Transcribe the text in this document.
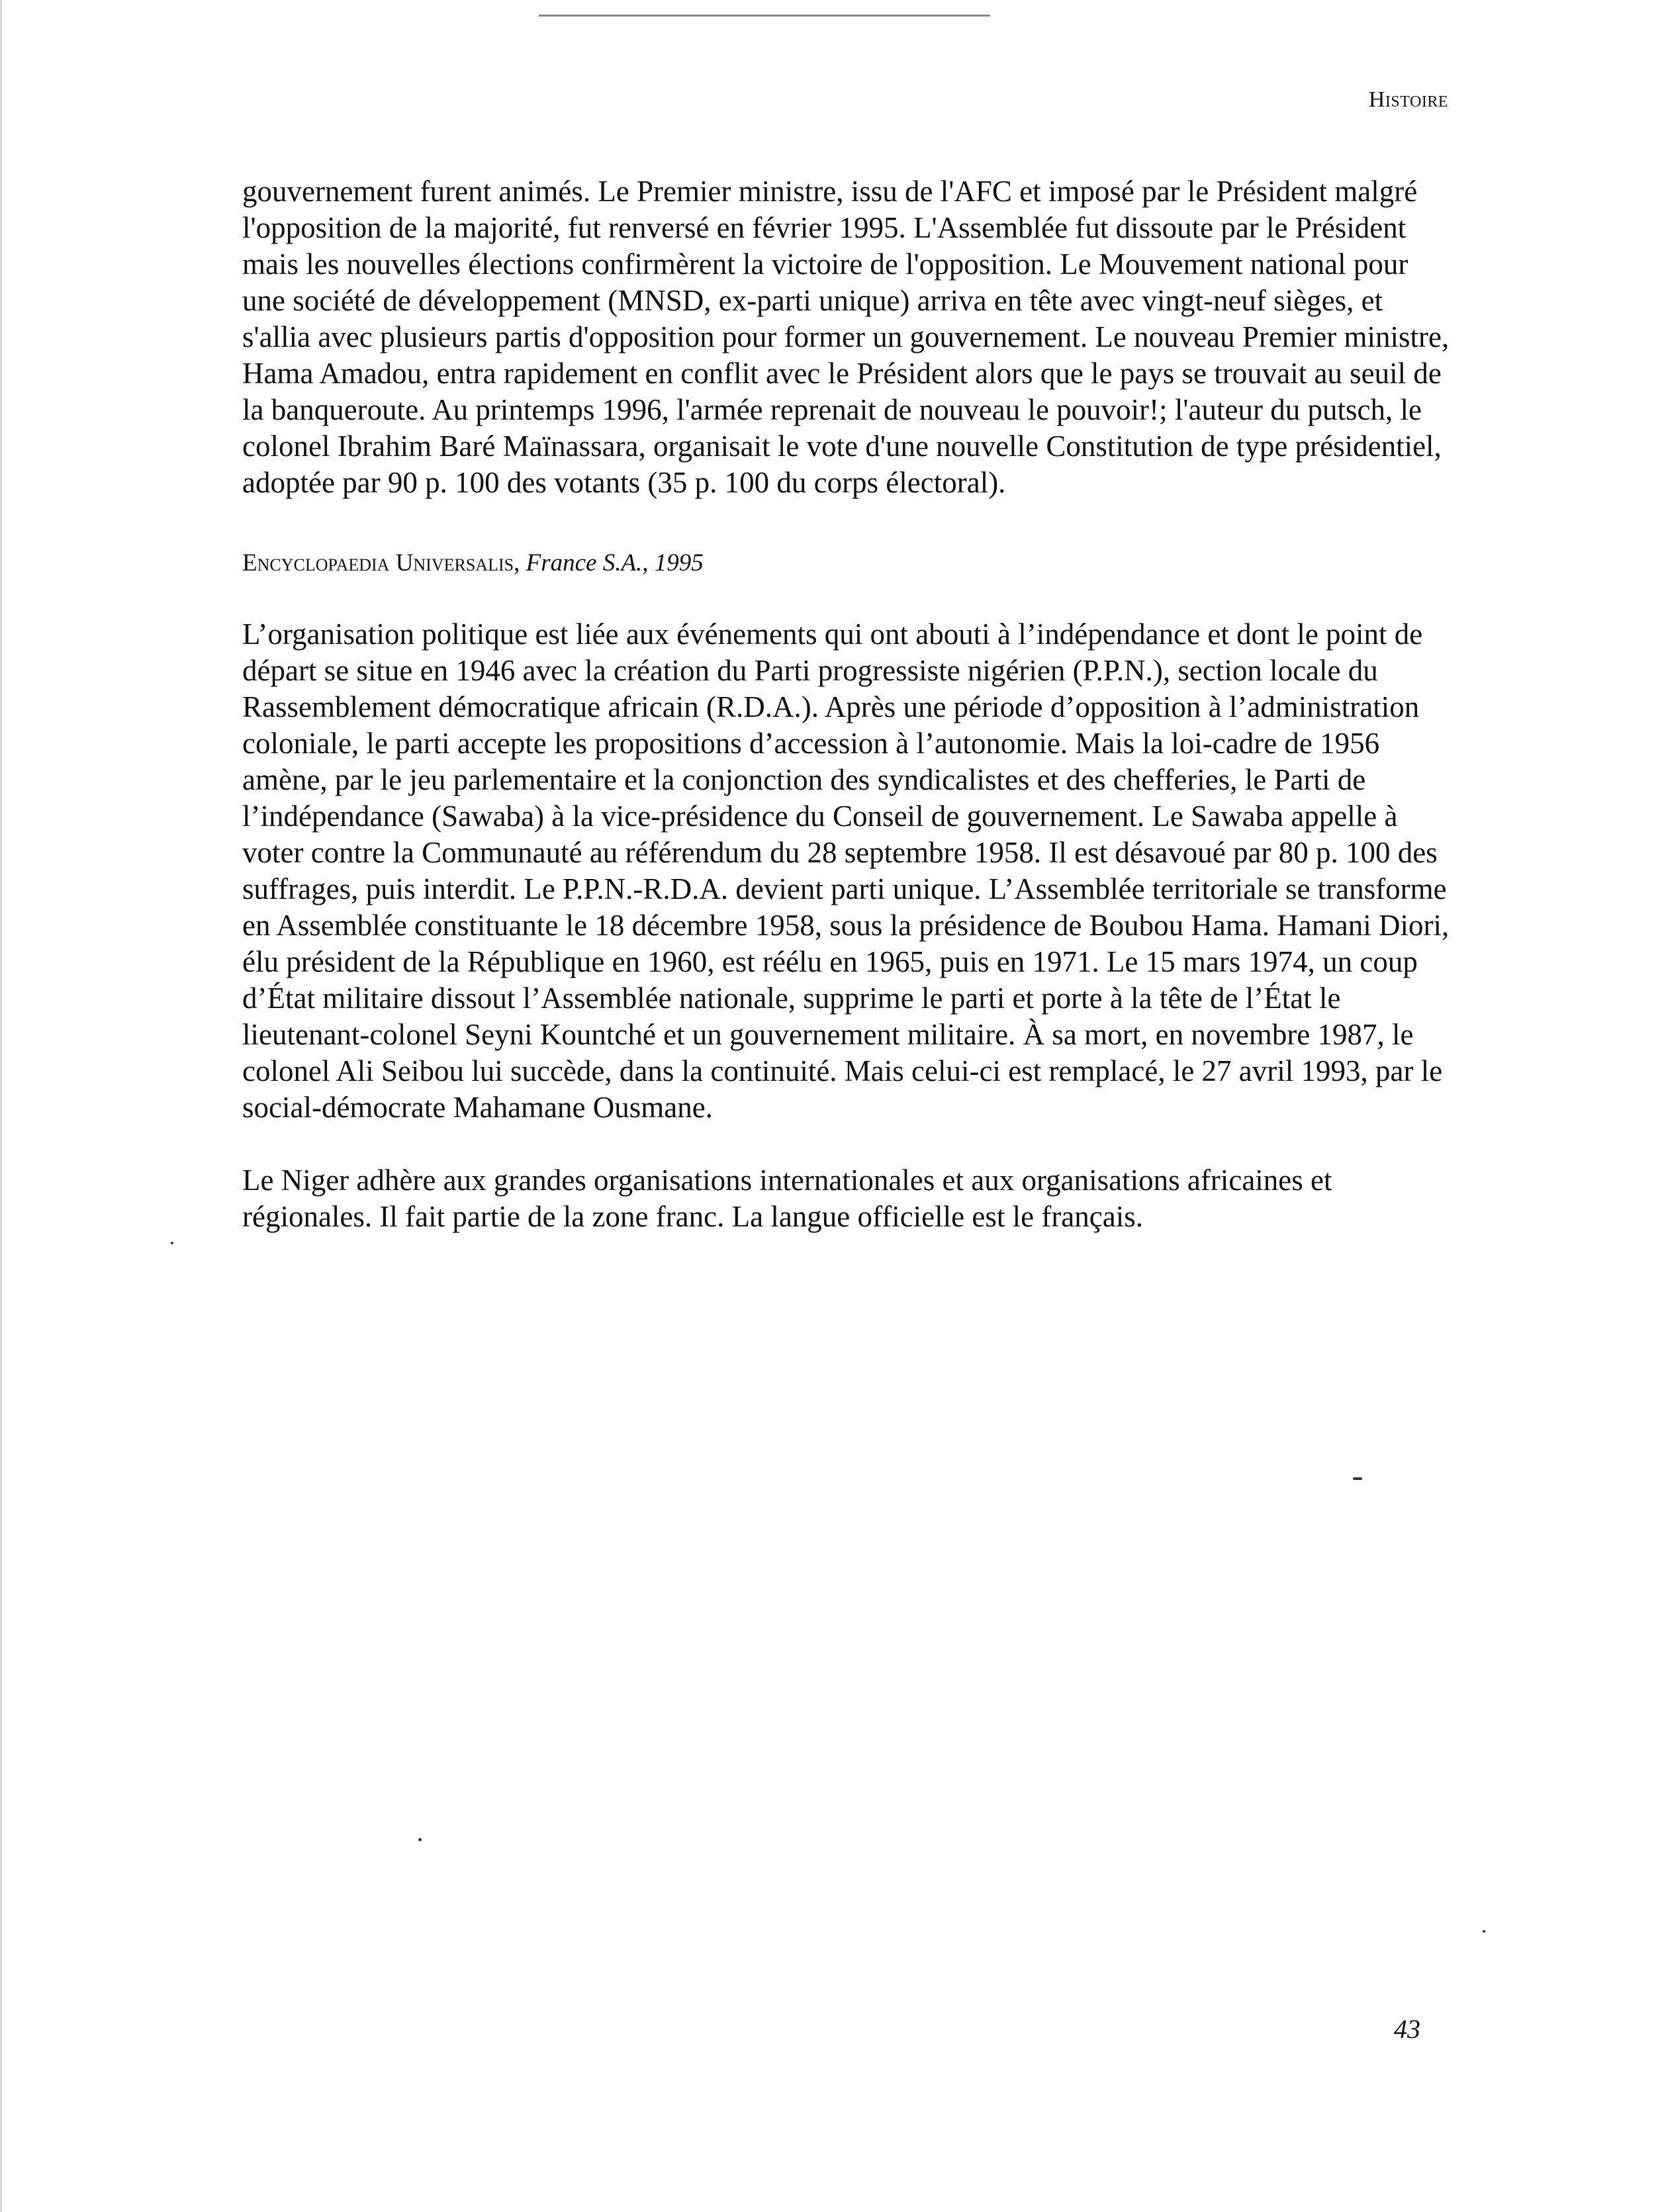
Histoire

gouvernement furent animés. Le Premier ministre, issu de l'AFC et imposé par le Président malgré l'opposition de la majorité, fut renversé en février 1995. L'Assemblée fut dissoute par le Président mais les nouvelles élections confirmèrent la victoire de l'opposition. Le Mouvement national pour une société de développement (MNSD, ex-parti unique) arriva en tête avec vingt-neuf sièges, et s'allia avec plusieurs partis d'opposition pour former un gouvernement. Le nouveau Premier ministre, Hama Amadou, entra rapidement en conflit avec le Président alors que le pays se trouvait au seuil de la banqueroute. Au printemps 1996, l'armée reprenait de nouveau le pouvoir!; l'auteur du putsch, le colonel Ibrahim Baré Maïnassara, organisait le vote d'une nouvelle Constitution de type présidentiel, adoptée par 90 p. 100 des votants (35 p. 100 du corps électoral).

Encyclopaedia Universalis, France S.A., 1995

L’organisation politique est liée aux événements qui ont abouti à l’indépendance et dont le point de départ se situe en 1946 avec la création du Parti progressiste nigérien (P.P.N.), section locale du Rassemblement démocratique africain (R.D.A.). Après une période d’opposition à l’administration coloniale, le parti accepte les propositions d’accession à l’autonomie. Mais la loi-cadre de 1956 amène, par le jeu parlementaire et la conjonction des syndicalistes et des chefferies, le Parti de l’indépendance (Sawaba) à la vice-présidence du Conseil de gouvernement. Le Sawaba appelle à voter contre la Communauté au référendum du 28 septembre 1958. Il est désavoué par 80 p. 100 des suffrages, puis interdit. Le P.P.N.-R.D.A. devient parti unique. L’Assemblée territoriale se transforme en Assemblée constituante le 18 décembre 1958, sous la présidence de Boubou Hama. Hamani Diori, élu président de la République en 1960, est réélu en 1965, puis en 1971. Le 15 mars 1974, un coup d’État militaire dissout l’Assemblée nationale, supprime le parti et porte à la tête de l’État le lieutenant-colonel Seyni Kountché et un gouvernement militaire. À sa mort, en novembre 1987, le colonel Ali Seibou lui succède, dans la continuité. Mais celui-ci est remplacé, le 27 avril 1993, par le social-démocrate Mahamane Ousmane.

Le Niger adhère aux grandes organisations internationales et aux organisations africaines et régionales. Il fait partie de la zone franc. La langue officielle est le français.

43
